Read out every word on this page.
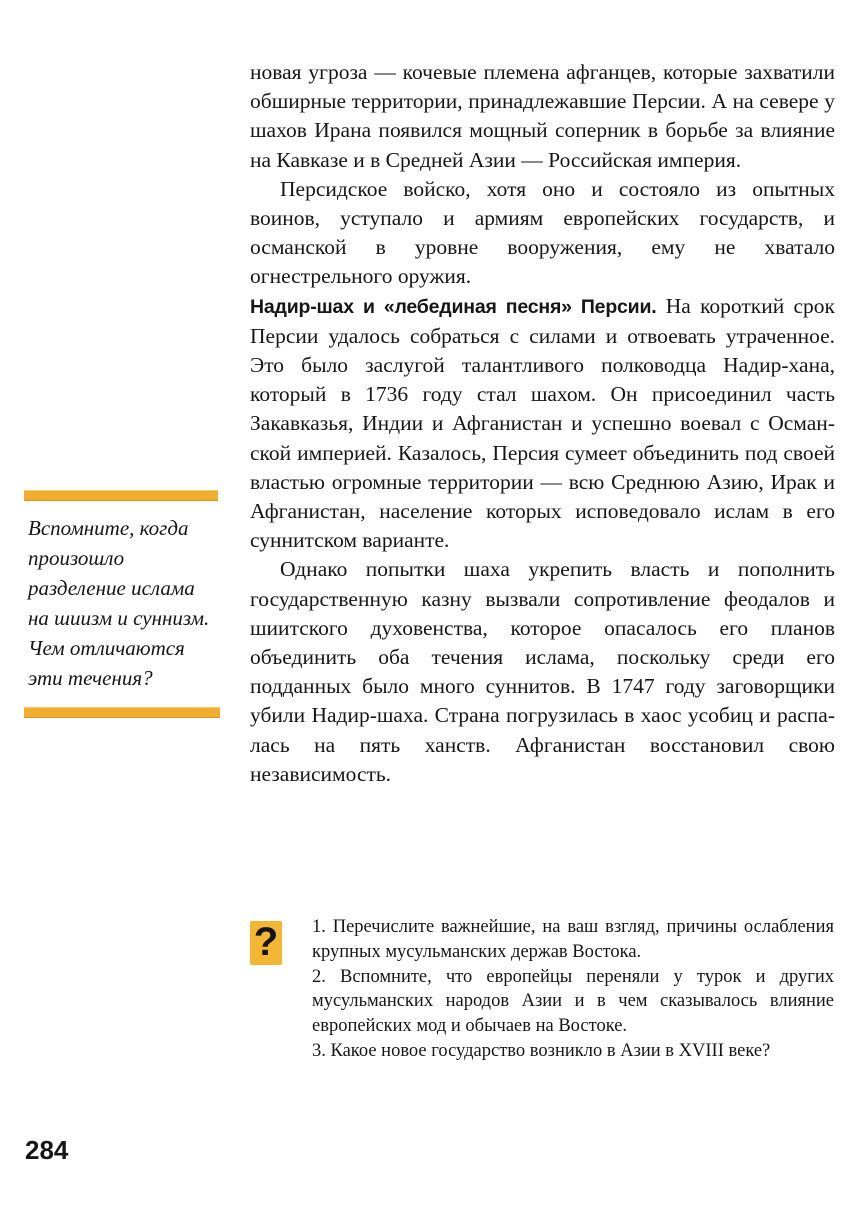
новая угроза — кочевые племена афганцев, которые захватили обширные территории, принадлежавшие Персии. А на севере у шахов Ирана появился мощный соперник в борьбе за влияние на Кавказе и в Средней Азии — Российская империя.

Персидское войско, хотя оно и состояло из опытных воинов, уступало и армиям европейских государств, и османской в уровне вооружения, ему не хватало огнестрельного оружия.

Надир-шах и «лебединая песня» Персии. На короткий срок Персии удалось собраться с силами и отвоевать утраченное. Это было заслугой талантливого полководца Надир-хана, который в 1736 году стал шахом. Он присоединил часть Закавказья, Индии и Афганистан и успешно воевал с Османской империей. Казалось, Персия сумеет объединить под своей властью огромные территории — всю Среднюю Азию, Ирак и Афганистан, население которых исповедовало ислам в его суннитском варианте.

Однако попытки шаха укрепить власть и пополнить государственную казну вызвали сопротивление феодалов и шиитского духовенства, которое опасалось его планов объединить оба течения ислама, поскольку среди его подданных было много суннитов. В 1747 году заговорщики убили Надир-шаха. Страна погрузилась в хаос усобиц и распалась на пять ханств. Афганистан восстановил свою независимость.

Вспомните, когда произошло разделение ислама на шиизм и суннизм. Чем отличаются эти течения?
? 1. Перечислите важнейшие, на ваш взгляд, причины ослабления крупных мусульманских держав Востока.

2. Вспомните, что европейцы переняли у турок и других мусульманских народов Азии и в чем сказывалось влияние европейских мод и обычаев на Востоке.

3. Какое новое государство возникло в Азии в XVIII веке?

284
